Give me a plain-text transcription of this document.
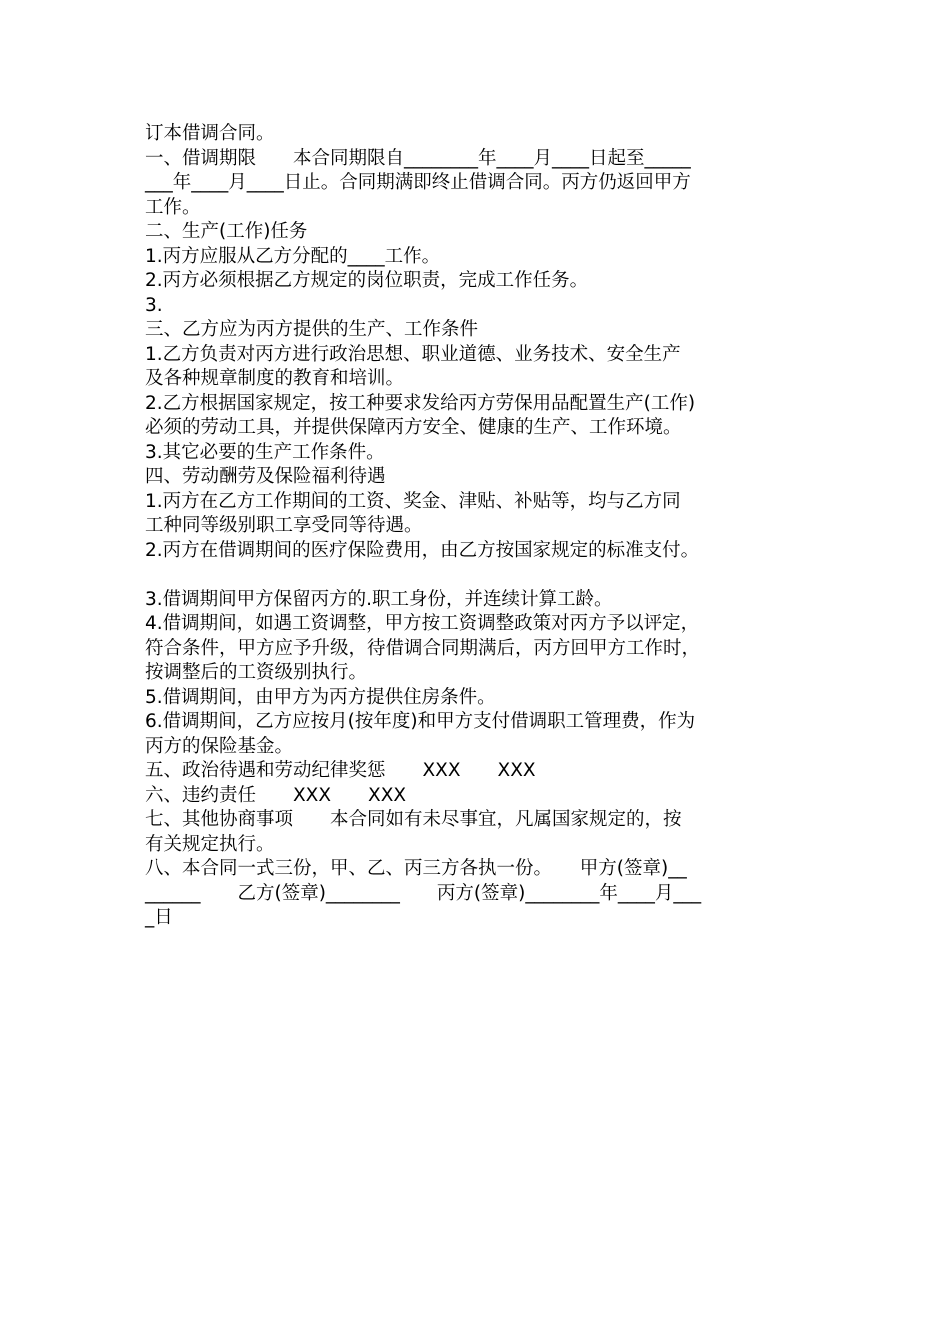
订本借调合同。
一、借调期限　　本合同期限自________年____月____日起至_____
___年____月____日止。合同期满即终止借调合同。丙方仍返回甲方
工作。
二、生产(工作)任务
1.丙方应服从乙方分配的____工作。
2.丙方必须根据乙方规定的岗位职责，完成工作任务。
3.
三、乙方应为丙方提供的生产、工作条件
1.乙方负责对丙方进行政治思想、职业道德、业务技术、安全生产
及各种规章制度的教育和培训。
2.乙方根据国家规定，按工种要求发给丙方劳保用品配置生产(工作)
必须的劳动工具，并提供保障丙方安全、健康的生产、工作环境。
3.其它必要的生产工作条件。
四、劳动酬劳及保险福利待遇
1.丙方在乙方工作期间的工资、奖金、津贴、补贴等，均与乙方同
工种同等级别职工享受同等待遇。
2.丙方在借调期间的医疗保险费用，由乙方按国家规定的标准支付。
3.借调期间甲方保留丙方的.职工身份，并连续计算工龄。
4.借调期间，如遇工资调整，甲方按工资调整政策对丙方予以评定，
符合条件，甲方应予升级，待借调合同期满后，丙方回甲方工作时，
按调整后的工资级别执行。
5.借调期间，由甲方为丙方提供住房条件。
6.借调期间，乙方应按月(按年度)和甲方支付借调职工管理费，作为
丙方的保险基金。
五、政治待遇和劳动纪律奖惩　　XXX　　XXX
六、违约责任　　XXX　　XXX
七、其他协商事项　　本合同如有未尽事宜，凡属国家规定的，按
有关规定执行。
八、本合同一式三份，甲、乙、丙三方各执一份。　　甲方(签章)__
______　　乙方(签章)________　　丙方(签章)________年____月___
_日
